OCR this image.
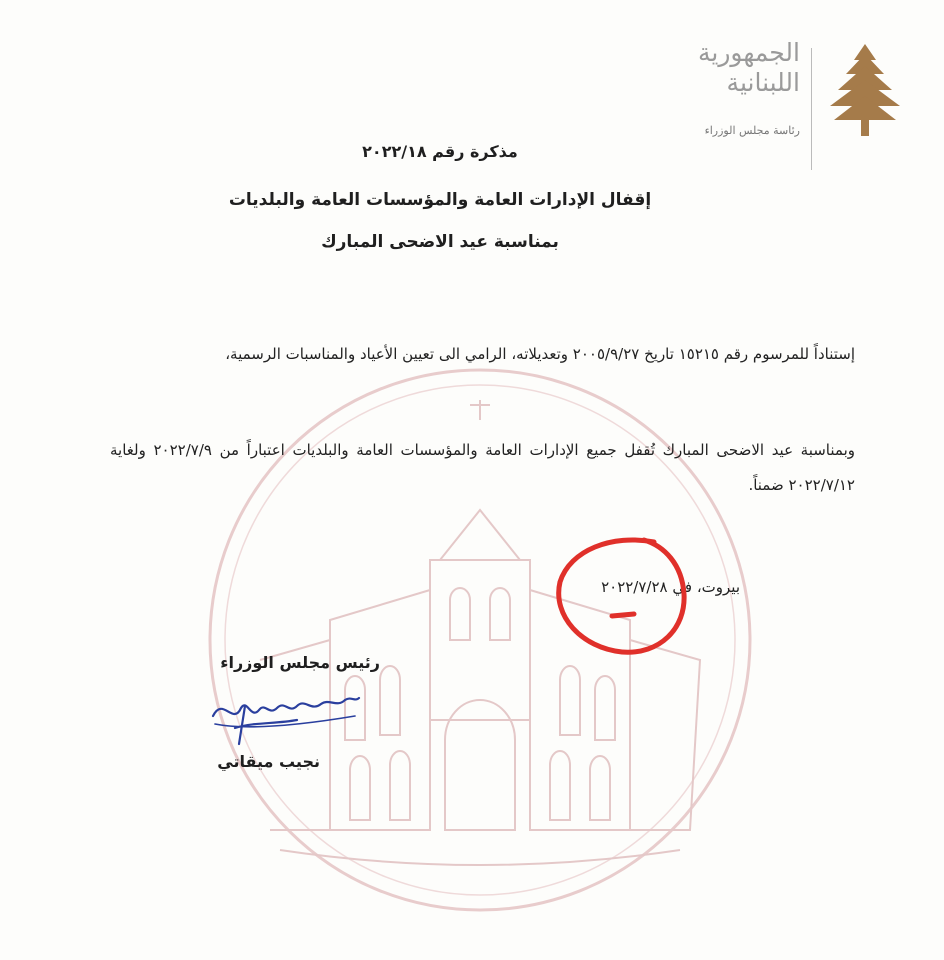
الجمهورية
اللبنانية
رئاسة مجلس الوزراء
مذكرة رقم ٢٠٢٢/١٨
إقفال الإدارات العامة والمؤسسات العامة والبلديات
بمناسبة عيد الاضحى المبارك
إستناداً للمرسوم رقم ١٥٢١٥ تاريخ ٢٠٠٥/٩/٢٧ وتعديلاته، الرامي الى تعيين الأعياد والمناسبات الرسمية،
وبمناسبة عيد الاضحى المبارك تُقفل جميع الإدارات العامة والمؤسسات العامة والبلديات اعتباراً من ٢٠٢٢/٧/٩ ولغاية ٢٠٢٢/٧/١٢ ضمناً.
بيروت، في ٢٠٢٢/٧/٢٨
رئيس مجلس الوزراء
نجيب ميقاتي
